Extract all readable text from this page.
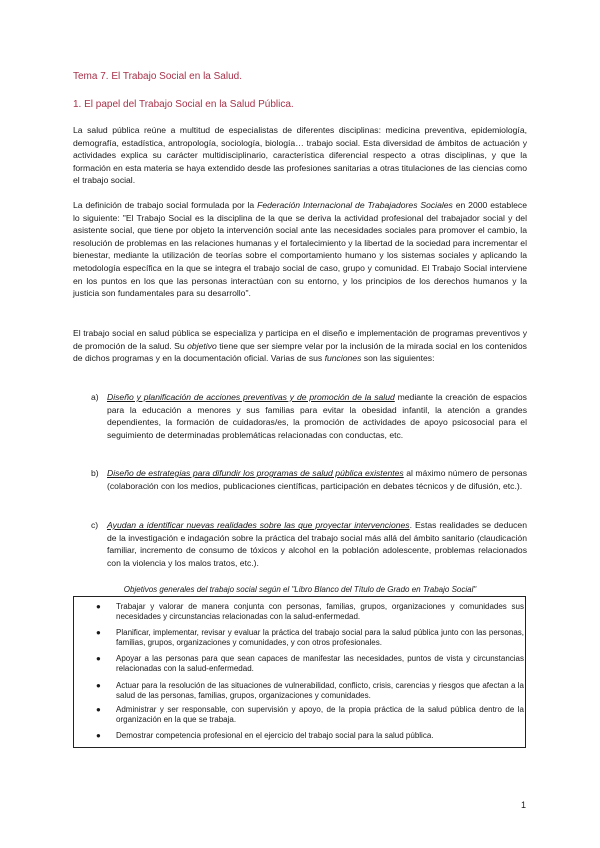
Tema 7. El Trabajo Social en la Salud.
1. El papel del Trabajo Social en la Salud Pública.

La salud pública reúne a multitud de especialistas de diferentes disciplinas: medicina preventiva, epidemiología, demografía, estadística, antropología, sociología, biología… trabajo social. Esta diversidad de ámbitos de actuación y actividades explica su carácter multidisciplinario, característica diferencial respecto a otras disciplinas, y que la formación en esta materia se haya extendido desde las profesiones sanitarias a otras titulaciones de las ciencias como el trabajo social.

La definición de trabajo social formulada por la Federación Internacional de Trabajadores Sociales en 2000 establece lo siguiente: "El Trabajo Social es la disciplina de la que se deriva la actividad profesional del trabajador social y del asistente social, que tiene por objeto la intervención social ante las necesidades sociales para promover el cambio, la resolución de problemas en las relaciones humanas y el fortalecimiento y la libertad de la sociedad para incrementar el bienestar, mediante la utilización de teorías sobre el comportamiento humano y los sistemas sociales y aplicando la metodología específica en la que se integra el trabajo social de caso, grupo y comunidad. El Trabajo Social interviene en los puntos en los que las personas interactúan con su entorno, y los principios de los derechos humanos y la justicia son fundamentales para su desarrollo".

El trabajo social en salud pública se especializa y participa en el diseño e implementación de programas preventivos y de promoción de la salud. Su objetivo tiene que ser siempre velar por la inclusión de la mirada social en los contenidos de dichos programas y en la documentación oficial. Varias de sus funciones son las siguientes:

a) Diseño y planificación de acciones preventivas y de promoción de la salud mediante la creación de espacios para la educación a menores y sus familias para evitar la obesidad infantil, la atención a grandes dependientes, la formación de cuidadoras/es, la promoción de actividades de apoyo psicosocial para el seguimiento de determinadas problemáticas relacionadas con conductas, etc.
b) Diseño de estrategias para difundir los programas de salud pública existentes al máximo número de personas (colaboración con los medios, publicaciones científicas, participación en debates técnicos y de difusión, etc.).
c)	Ayudan a identificar nuevas realidades sobre las que proyectar intervenciones. Estas realidades se deducen de la investigación e indagación sobre la práctica del trabajo social más allá del ámbito sanitario (claudicación familiar, incremento de consumo de tóxicos y alcohol en la población adolescente, problemas relacionados con la violencia y los malos tratos, etc.).
Objetivos generales del trabajo social según el "Libro Blanco del Título de Grado en Trabajo Social"
● Trabajar y valorar de manera conjunta con personas, familias, grupos, organizaciones y comunidades sus necesidades y circunstancias relacionadas con la salud-enfermedad.
● Planificar, implementar, revisar y evaluar la práctica del trabajo social para la salud pública junto con las personas, familias, grupos, organizaciones y comunidades, y con otros profesionales.
● Apoyar a las personas para que sean capaces de manifestar las necesidades, puntos de vista y circunstancias relacionadas con la salud-enfermedad.
● Actuar para la resolución de las situaciones de vulnerabilidad, conflicto, crisis, carencias y riesgos que afectan a la salud de las personas, familias, grupos, organizaciones y comunidades.
● Administrar y ser responsable, con supervisión y apoyo, de la propia práctica de la salud pública dentro de la organización en la que se trabaja.
● Demostrar competencia profesional en el ejercicio del trabajo social para la salud pública.
1
